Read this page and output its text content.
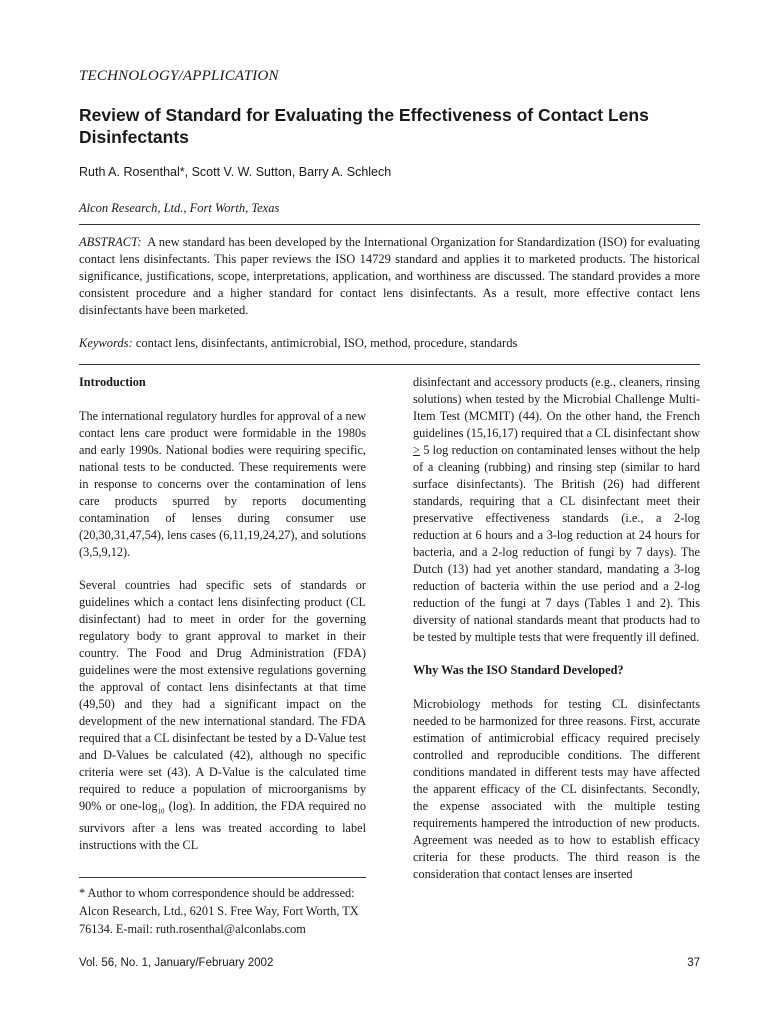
TECHNOLOGY/APPLICATION
Review of Standard for Evaluating the Effectiveness of Contact Lens Disinfectants
Ruth A. Rosenthal*, Scott V. W. Sutton, Barry A. Schlech
Alcon Research, Ltd., Fort Worth, Texas

ABSTRACT: A new standard has been developed by the International Organization for Standardization (ISO) for evaluating contact lens disinfectants. This paper reviews the ISO 14729 standard and applies it to marketed products. The historical significance, justifications, scope, interpretations, application, and worthiness are discussed. The standard provides a more consistent procedure and a higher standard for contact lens disinfectants. As a result, more effective contact lens disinfectants have been marketed.

Keywords: contact lens, disinfectants, antimicrobial, ISO, method, procedure, standards

Introduction

The international regulatory hurdles for approval of a new contact lens care product were formidable in the 1980s and early 1990s. National bodies were requiring specific, national tests to be conducted. These requirements were in response to concerns over the contamination of lens care products spurred by reports documenting contamination of lenses during consumer use (20,30,31,47,54), lens cases (6,11,19,24,27), and solutions (3,5,9,12).

Several countries had specific sets of standards or guidelines which a contact lens disinfecting product (CL disinfectant) had to meet in order for the governing regulatory body to grant approval to market in their country. The Food and Drug Administration (FDA) guidelines were the most extensive regulations governing the approval of contact lens disinfectants at that time (49,50) and they had a significant impact on the development of the new international standard. The FDA required that a CL disinfectant be tested by a D-Value test and D-Values be calculated (42), although no specific criteria were set (43). A D-Value is the calculated time required to reduce a population of microorganisms by 90% or one-$\log_{10}$ (log). In addition, the FDA required no survivors after a lens was treated according to label instructions with the CL

* Author to whom correspondence should be addressed: Alcon Research, Ltd., 6201 S. Free Way, Fort Worth, TX 76134. E-mail: ruth.rosenthal@alconlabs.com

disinfectant and accessory products (e.g., cleaners, rinsing solutions) when tested by the Microbial Challenge Multi-Item Test (MCMIT) (44). On the other hand, the French guidelines (15,16,17) required that a CL disinfectant show ≥ 5 log reduction on contaminated lenses without the help of a cleaning (rubbing) and rinsing step (similar to hard surface disinfectants). The British (26) had different standards, requiring that a CL disinfectant meet their preservative effectiveness standards (i.e., a 2-log reduction at 6 hours and a 3-log reduction at 24 hours for bacteria, and a 2-log reduction of fungi by 7 days). The Dutch (13) had yet another standard, mandating a 3-log reduction of bacteria within the use period and a 2-log reduction of the fungi at 7 days (Tables 1 and 2). This diversity of national standards meant that products had to be tested by multiple tests that were frequently ill defined.

Why Was the ISO Standard Developed?

Microbiology methods for testing CL disinfectants needed to be harmonized for three reasons. First, accurate estimation of antimicrobial efficacy required precisely controlled and reproducible conditions. The different conditions mandated in different tests may have affected the apparent efficacy of the CL disinfectants. Secondly, the expense associated with the multiple testing requirements hampered the introduction of new products. Agreement was needed as to how to establish efficacy criteria for these products. The third reason is the consideration that contact lenses are inserted

Vol. 56, No. 1, January/February 2002	37
